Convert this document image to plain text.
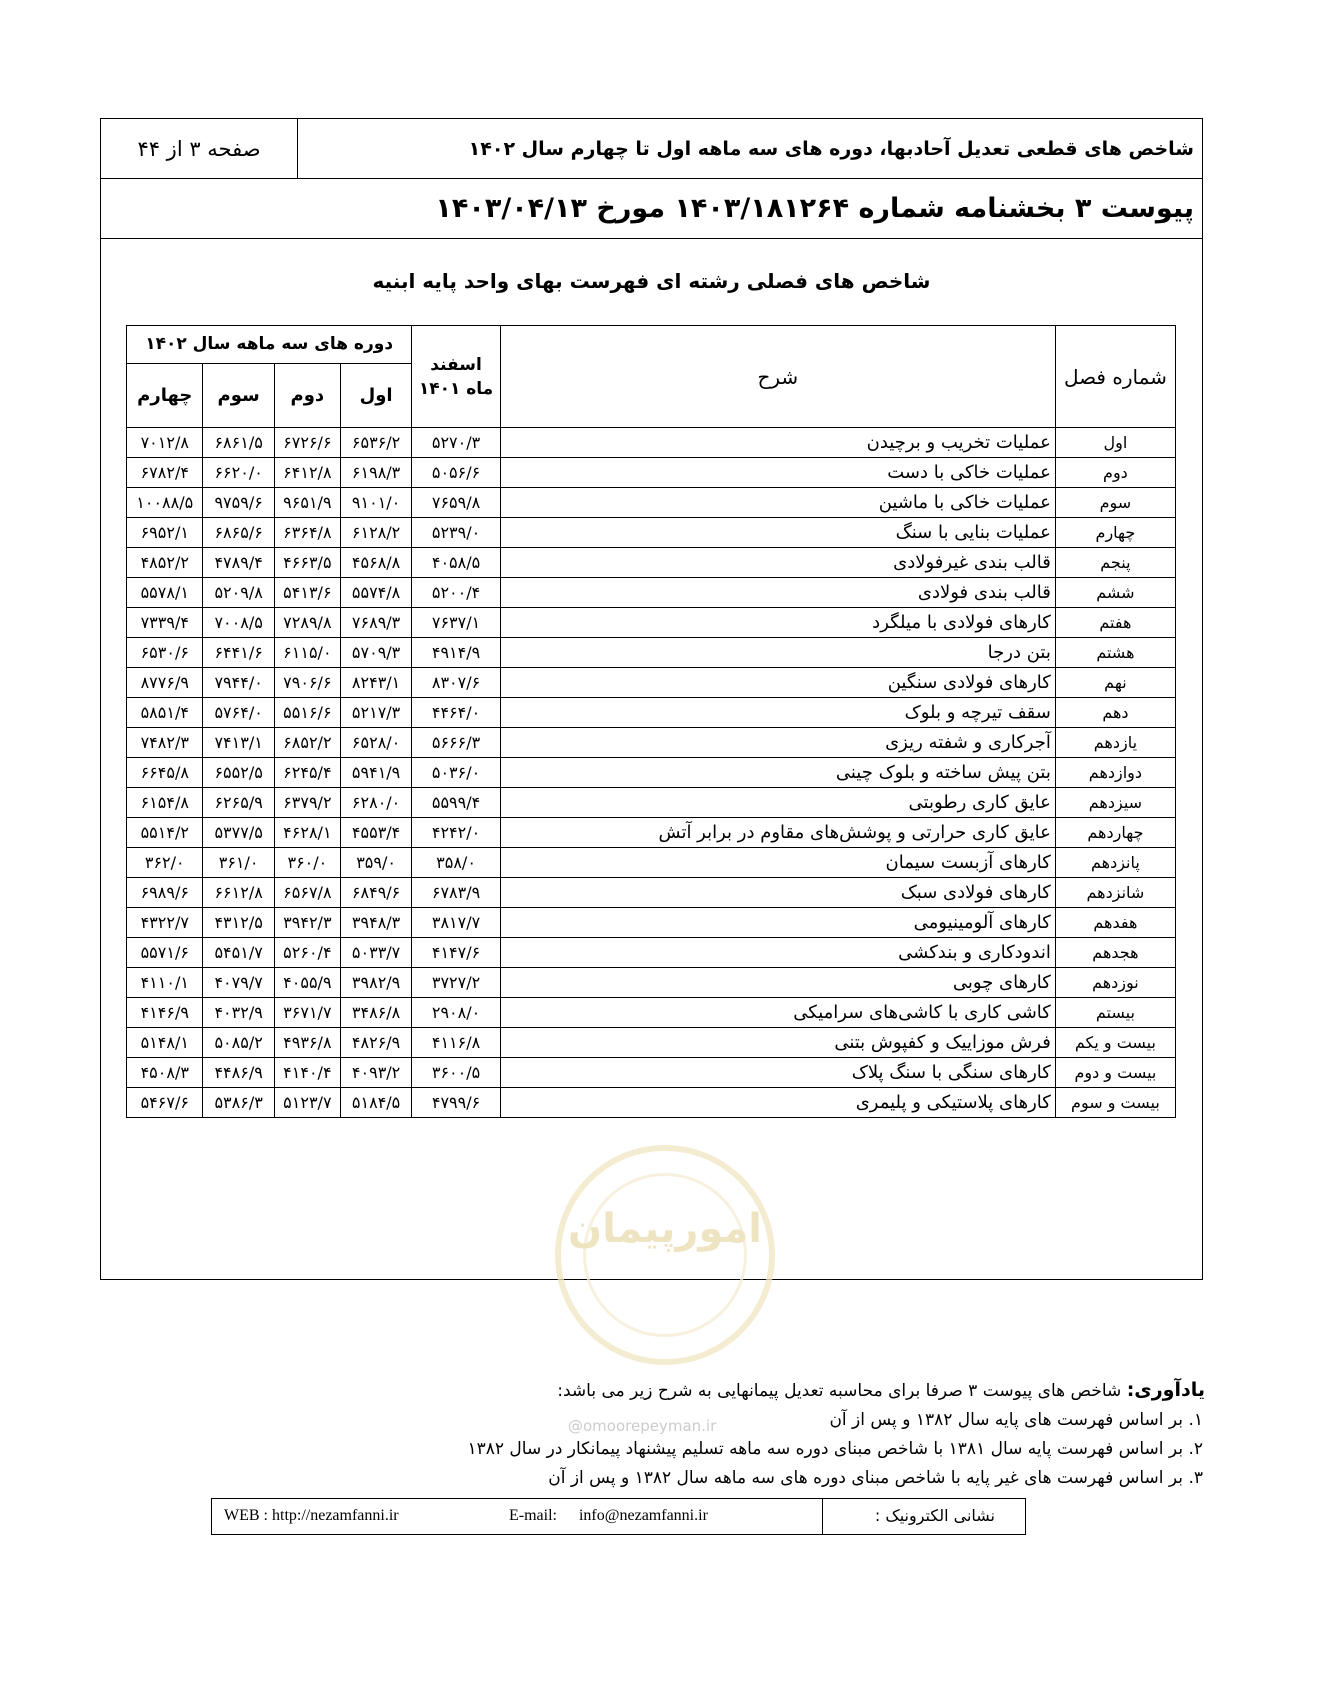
شاخص های قطعی تعدیل آحادبها، دوره های سه ماهه اول تا چهارم سال ۱۴۰۲
صفحه ۳ از ۴۴
پیوست ۳ بخشنامه شماره ۱۴۰۳/۱۸۱۲۶۴ مورخ ۱۴۰۳/۰۴/۱۳
شاخص های فصلی رشته ای فهرست بهای واحد پایه ابنیه
شماره فصل	شرح	اسفند ماه ۱۴۰۱	دوره های سه ماهه سال ۱۴۰۲			
			اول	دوم	سوم	چهارم
اول	عملیات تخریب و برچیدن	۵۲۷۰/۳	۶۵۳۶/۲	۶۷۲۶/۶	۶۸۶۱/۵	۷۰۱۲/۸
دوم	عملیات خاکی با دست	۵۰۵۶/۶	۶۱۹۸/۳	۶۴۱۲/۸	۶۶۲۰/۰	۶۷۸۲/۴
سوم	عملیات خاکی با ماشین	۷۶۵۹/۸	۹۱۰۱/۰	۹۶۵۱/۹	۹۷۵۹/۶	۱۰۰۸۸/۵
چهارم	عملیات بنایی با سنگ	۵۲۳۹/۰	۶۱۲۸/۲	۶۳۶۴/۸	۶۸۶۵/۶	۶۹۵۲/۱
پنجم	قالب بندی غیرفولادی	۴۰۵۸/۵	۴۵۶۸/۸	۴۶۶۳/۵	۴۷۸۹/۴	۴۸۵۲/۲
ششم	قالب بندی فولادی	۵۲۰۰/۴	۵۵۷۴/۸	۵۴۱۳/۶	۵۲۰۹/۸	۵۵۷۸/۱
هفتم	کارهای فولادی با میلگرد	۷۶۳۷/۱	۷۶۸۹/۳	۷۲۸۹/۸	۷۰۰۸/۵	۷۳۳۹/۴
هشتم	بتن درجا	۴۹۱۴/۹	۵۷۰۹/۳	۶۱۱۵/۰	۶۴۴۱/۶	۶۵۳۰/۶
نهم	کارهای فولادی سنگین	۸۳۰۷/۶	۸۲۴۳/۱	۷۹۰۶/۶	۷۹۴۴/۰	۸۷۷۶/۹
دهم	سقف تیرچه و بلوک	۴۴۶۴/۰	۵۲۱۷/۳	۵۵۱۶/۶	۵۷۶۴/۰	۵۸۵۱/۴
یازدهم	آجرکاری و شفته ریزی	۵۶۶۶/۳	۶۵۲۸/۰	۶۸۵۲/۲	۷۴۱۳/۱	۷۴۸۲/۳
دوازدهم	بتن پیش ساخته و بلوک چینی	۵۰۳۶/۰	۵۹۴۱/۹	۶۲۴۵/۴	۶۵۵۲/۵	۶۶۴۵/۸
سیزدهم	عایق کاری رطوبتی	۵۵۹۹/۴	۶۲۸۰/۰	۶۳۷۹/۲	۶۲۶۵/۹	۶۱۵۴/۸
چهاردهم	عایق کاری حرارتی و پوشش‌های مقاوم در برابر آتش	۴۲۴۲/۰	۴۵۵۳/۴	۴۶۲۸/۱	۵۳۷۷/۵	۵۵۱۴/۲
پانزدهم	کارهای آزبست سیمان	۳۵۸/۰	۳۵۹/۰	۳۶۰/۰	۳۶۱/۰	۳۶۲/۰
شانزدهم	کارهای فولادی سبک	۶۷۸۳/۹	۶۸۴۹/۶	۶۵۶۷/۸	۶۶۱۲/۸	۶۹۸۹/۶
هفدهم	کارهای آلومینیومی	۳۸۱۷/۷	۳۹۴۸/۳	۳۹۴۲/۳	۴۳۱۲/۵	۴۳۲۲/۷
هجدهم	اندودکاری و بندکشی	۴۱۴۷/۶	۵۰۳۳/۷	۵۲۶۰/۴	۵۴۵۱/۷	۵۵۷۱/۶
نوزدهم	کارهای چوبی	۳۷۲۷/۲	۳۹۸۲/۹	۴۰۵۵/۹	۴۰۷۹/۷	۴۱۱۰/۱
بیستم	کاشی کاری با کاشی‌های سرامیکی	۲۹۰۸/۰	۳۴۸۶/۸	۳۶۷۱/۷	۴۰۳۲/۹	۴۱۴۶/۹
بیست و یکم	فرش موزاییک و کفپوش بتنی	۴۱۱۶/۸	۴۸۲۶/۹	۴۹۳۶/۸	۵۰۸۵/۲	۵۱۴۸/۱
بیست و دوم	کارهای سنگی با سنگ پلاک	۳۶۰۰/۵	۴۰۹۳/۲	۴۱۴۰/۴	۴۴۸۶/۹	۴۵۰۸/۳
بیست و سوم	کارهای پلاستیکی و پلیمری	۴۷۹۹/۶	۵۱۸۴/۵	۵۱۲۳/۷	۵۳۸۶/۳	۵۴۶۷/۶
امورپیمان
@omoorepeyman.ir
یادآوری: شاخص های پیوست ۳ صرفا برای محاسبه تعدیل پیمانهایی به شرح زیر می باشد:
۱. بر اساس فهرست های پایه سال ۱۳۸۲ و پس از آن
۲. بر اساس فهرست پایه سال ۱۳۸۱ با شاخص مبنای دوره سه ماهه تسلیم پیشنهاد پیمانکار در سال ۱۳۸۲
۳. بر اساس فهرست های غیر پایه با شاخص مبنای دوره های سه ماهه سال ۱۳۸۲ و پس از آن
WEB : http://nezamfanni.ir	E-mail: info@nezamfanni.ir	نشانی الکترونیک :
